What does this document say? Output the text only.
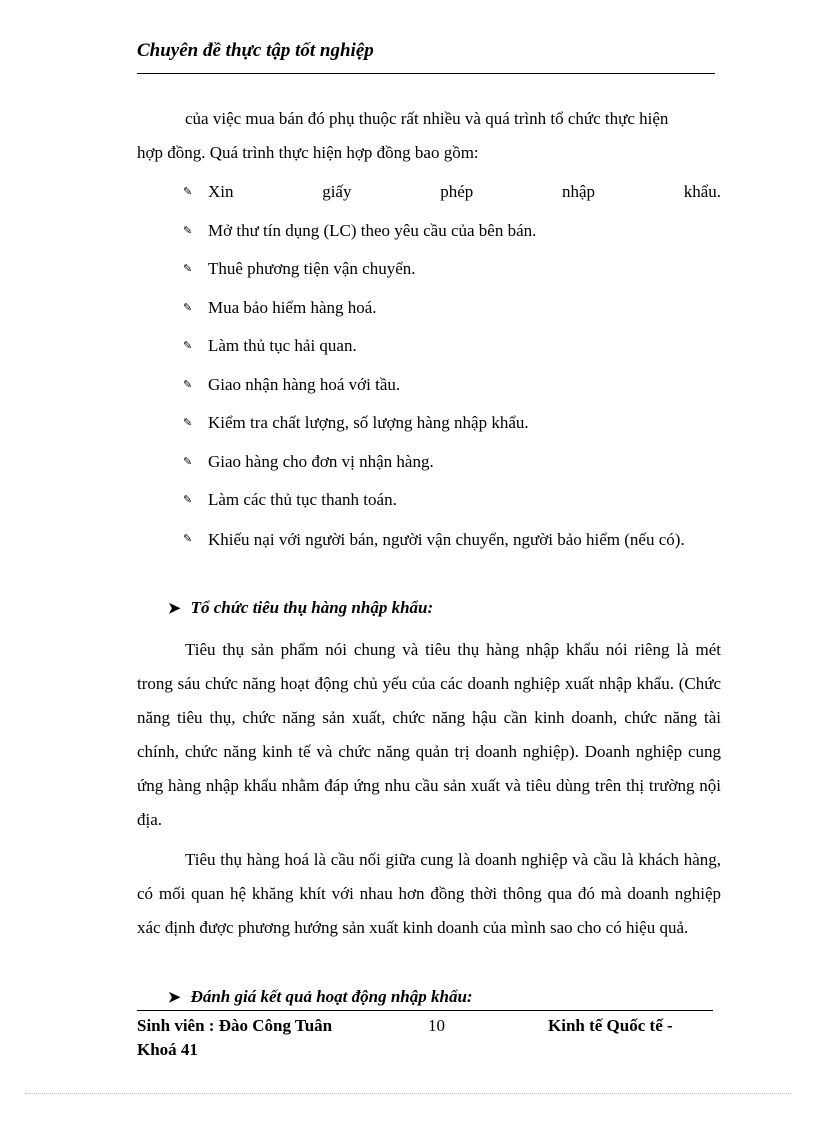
Chuyên đề thực tập tốt nghiệp

của việc mua bán đó phụ thuộc rất nhiều và quá trình tổ chức thực hiện
hợp đồng. Quá trình thực hiện hợp đồng bao gồm:

✎ Xin giấy phép nhập khẩu.
✎ Mở thư tín dụng (LC) theo yêu cầu của bên bán.
✎ Thuê phương tiện vận chuyển.
✎ Mua bảo hiểm hàng hoá.
✎ Làm thủ tục hải quan.
✎ Giao nhận hàng hoá với tầu.
✎ Kiểm tra chất lượng, số lượng hàng nhập khẩu.
✎ Giao hàng cho đơn vị nhận hàng.
✎ Làm các thủ tục thanh toán.
✎ Khiếu nại với người bán, người vận chuyển, người bảo hiểm (nếu có).
➤ Tổ chức tiêu thụ hàng nhập khẩu:

Tiêu thụ sản phẩm nói chung và tiêu thụ hàng nhập khẩu nói riêng là mét trong sáu chức năng hoạt động chủ yếu của các doanh nghiệp xuất nhập khẩu. (Chức năng tiêu thụ, chức năng sản xuất, chức năng hậu cần kinh doanh, chức năng tài chính, chức năng kinh tế và chức năng quản trị doanh nghiệp). Doanh nghiệp cung ứng hàng nhập khẩu nhằm đáp ứng nhu cầu sản xuất và tiêu dùng trên thị trường nội địa.

Tiêu thụ hàng hoá là cầu nối giữa cung là doanh nghiệp và cầu là khách hàng, có mối quan hệ khăng khít với nhau hơn đồng thời thông qua đó mà doanh nghiệp xác định được phương hướng sản xuất kinh doanh của mình sao cho có hiệu quả.

➤ Đánh giá kết quả hoạt động nhập khẩu:
Sinh viên : Đào Công Tuân	10	Kinh tế Quốc tế -
Khoá 41
